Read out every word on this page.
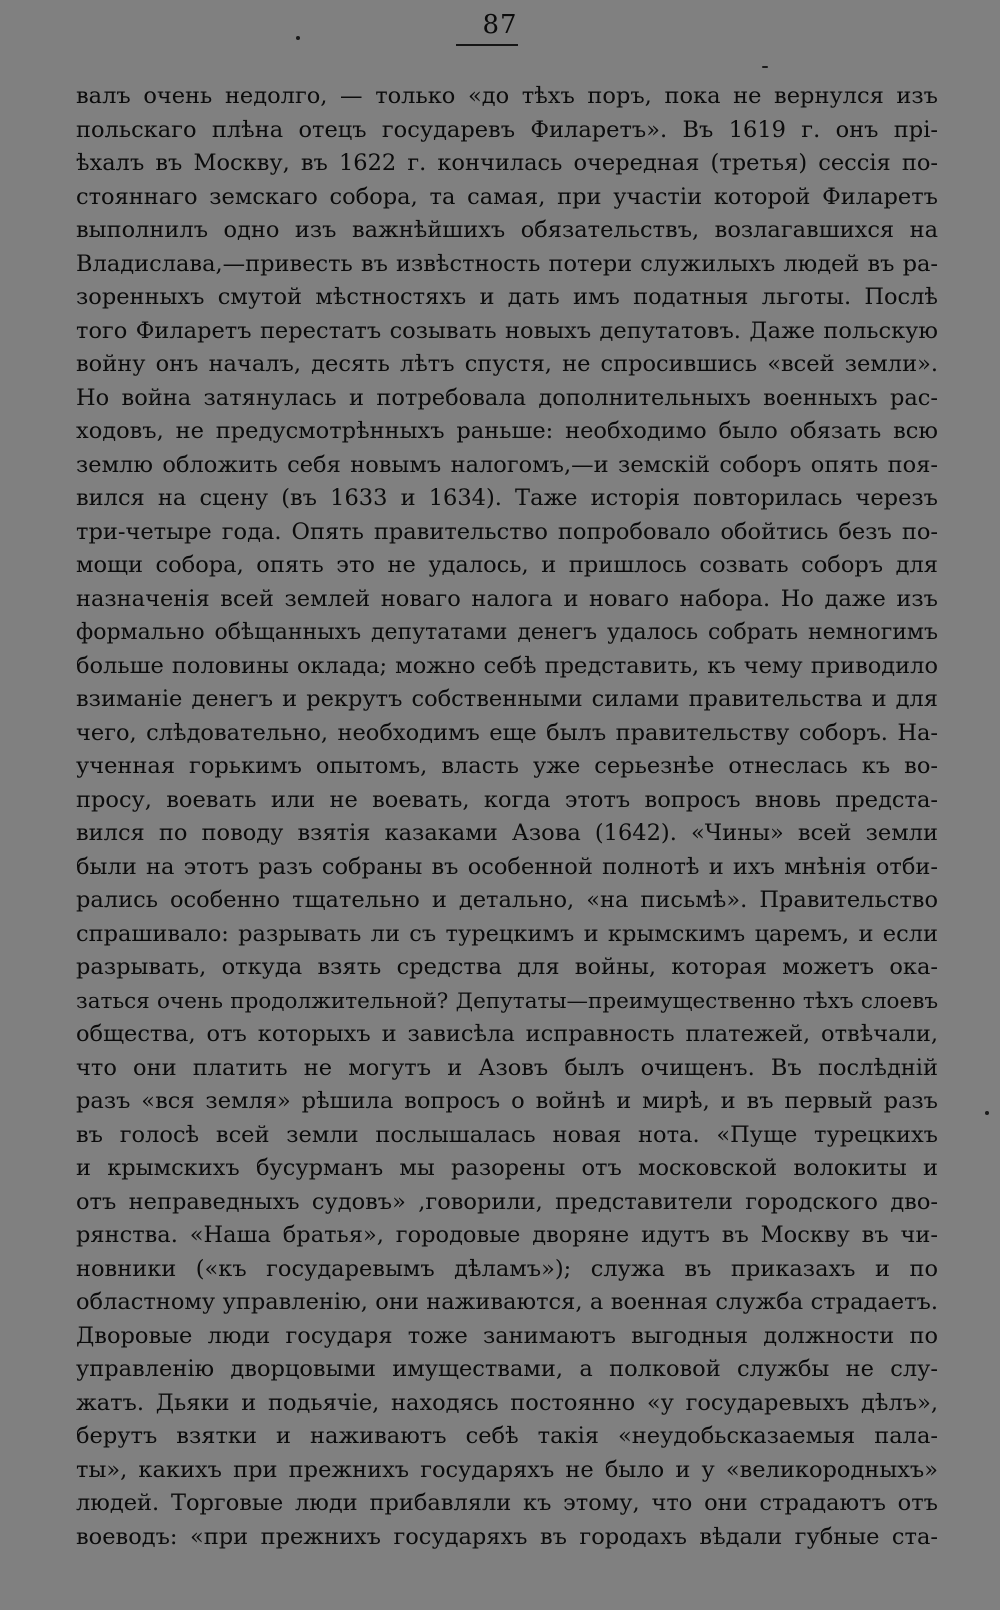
87
валъ очень недолго, — только «до тѣхъ поръ, пока не вернулся изъ
польскаго плѣна отецъ государевъ Филаретъ». Въ 1619 г. онъ прі-
ѣхалъ въ Москву, въ 1622 г. кончилась очередная (третья) сессія по-
стояннаго земскаго собора, та самая, при участіи которой Филаретъ
выполнилъ одно изъ важнѣйшихъ обязательствъ, возлагавшихся на
Владислава,—привесть въ извѣстность потери служилыхъ людей въ ра-
зоренныхъ смутой мѣстностяхъ и дать имъ податныя льготы. Послѣ
того Филаретъ перестатъ созывать новыхъ депутатовъ. Даже польскую
войну онъ началъ, десять лѣтъ спустя, не спросившись «всей земли».
Но война затянулась и потребовала дополнительныхъ военныхъ рас-
ходовъ, не предусмотрѣнныхъ раньше: необходимо было обязать всю
землю обложить себя новымъ налогомъ,—и земскій соборъ опять поя-
вился на сцену (въ 1633 и 1634). Таже исторія повторилась черезъ
три-четыре года. Опять правительство попробовало обойтись безъ по-
мощи собора, опять это не удалось, и пришлось созвать соборъ для
назначенія всей землей новаго налога и новаго набора. Но даже изъ
формально обѣщанныхъ депутатами денегъ удалось собрать немногимъ
больше половины оклада; можно себѣ представить, къ чему приводило
взиманіе денегъ и рекрутъ собственными силами правительства и для
чего, слѣдовательно, необходимъ еще былъ правительству соборъ. На-
ученная горькимъ опытомъ, власть уже серьезнѣе отнеслась къ во-
просу, воевать или не воевать, когда этотъ вопросъ вновь предста-
вился по поводу взятія казаками Азова (1642). «Чины» всей земли
были на этотъ разъ собраны въ особенной полнотѣ и ихъ мнѣнія отби-
рались особенно тщательно и детально, «на письмѣ». Правительство
спрашивало: разрывать ли съ турецкимъ и крымскимъ царемъ, и если
разрывать, откуда взять средства для войны, которая можетъ ока-
заться очень продолжительной? Депутаты—преимущественно тѣхъ слоевъ
общества, отъ которыхъ и зависѣла исправность платежей, отвѣчали,
что они платить не могутъ и Азовъ былъ очищенъ. Въ послѣдній
разъ «вся земля» рѣшила вопросъ о войнѣ и мирѣ, и въ первый разъ
въ голосѣ всей земли послышалась новая нота. «Пуще турецкихъ
и крымскихъ бусурманъ мы разорены отъ московской волокиты и
отъ неправедныхъ судовъ» ,говорили, представители городского дво-
рянства. «Наша братья», городовые дворяне идутъ въ Москву въ чи-
новники («къ государевымъ дѣламъ»); служа въ приказахъ и по
областному управленію, они наживаются, а военная служба страдаетъ.
Дворовые люди государя тоже занимаютъ выгодныя должности по
управленію дворцовыми имуществами, а полковой службы не слу-
жатъ. Дьяки и подьячіе, находясь постоянно «у государевыхъ дѣлъ»,
берутъ взятки и наживаютъ себѣ такія «неудобьсказаемыя пала-
ты», какихъ при прежнихъ государяхъ не было и у «великородныхъ»
людей. Торговые люди прибавляли къ этому, что они страдаютъ отъ
воеводъ: «при прежнихъ государяхъ въ городахъ вѣдали губные ста-
